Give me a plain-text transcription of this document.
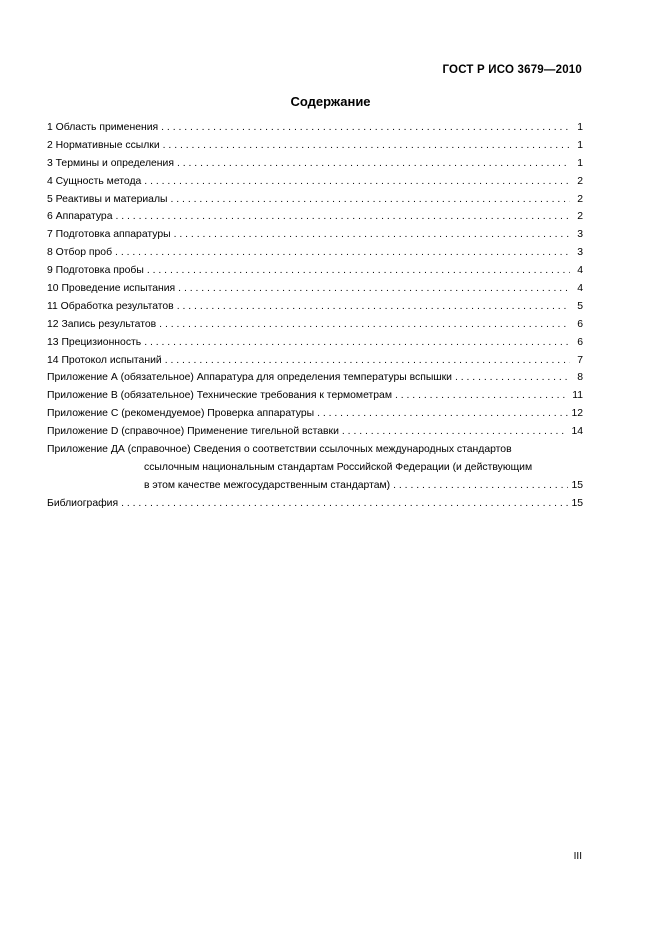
ГОСТ Р ИСО 3679—2010
Содержание
1 Область применения . . .	1
2 Нормативные ссылки . . .	1
3 Термины и определения . . .	1
4 Сущность метода . . .	2
5 Реактивы и материалы . . .	2
6 Аппаратура . . .	2
7 Подготовка аппаратуры . . .	3
8 Отбор проб . . .	3
9 Подготовка пробы . . .	4
10 Проведение испытания . . .	4
11 Обработка результатов . . .	5
12 Запись результатов . . .	6
13 Прецизионность . . .	6
14 Протокол испытаний . . .	7
Приложение А (обязательное) Аппаратура для определения температуры вспышки . . .	8
Приложение В (обязательное) Технические требования к термометрам . . .	11
Приложение С (рекомендуемое) Проверка аппаратуры . . .	12
Приложение D (справочное) Применение тигельной вставки . . .	14
Приложение ДА (справочное) Сведения о соответствии ссылочных международных стандартов
ссылочным национальным стандартам Российской Федерации (и действующим
в этом качестве межгосударственным стандартам) . . .	15
Библиография . . .	15
III
